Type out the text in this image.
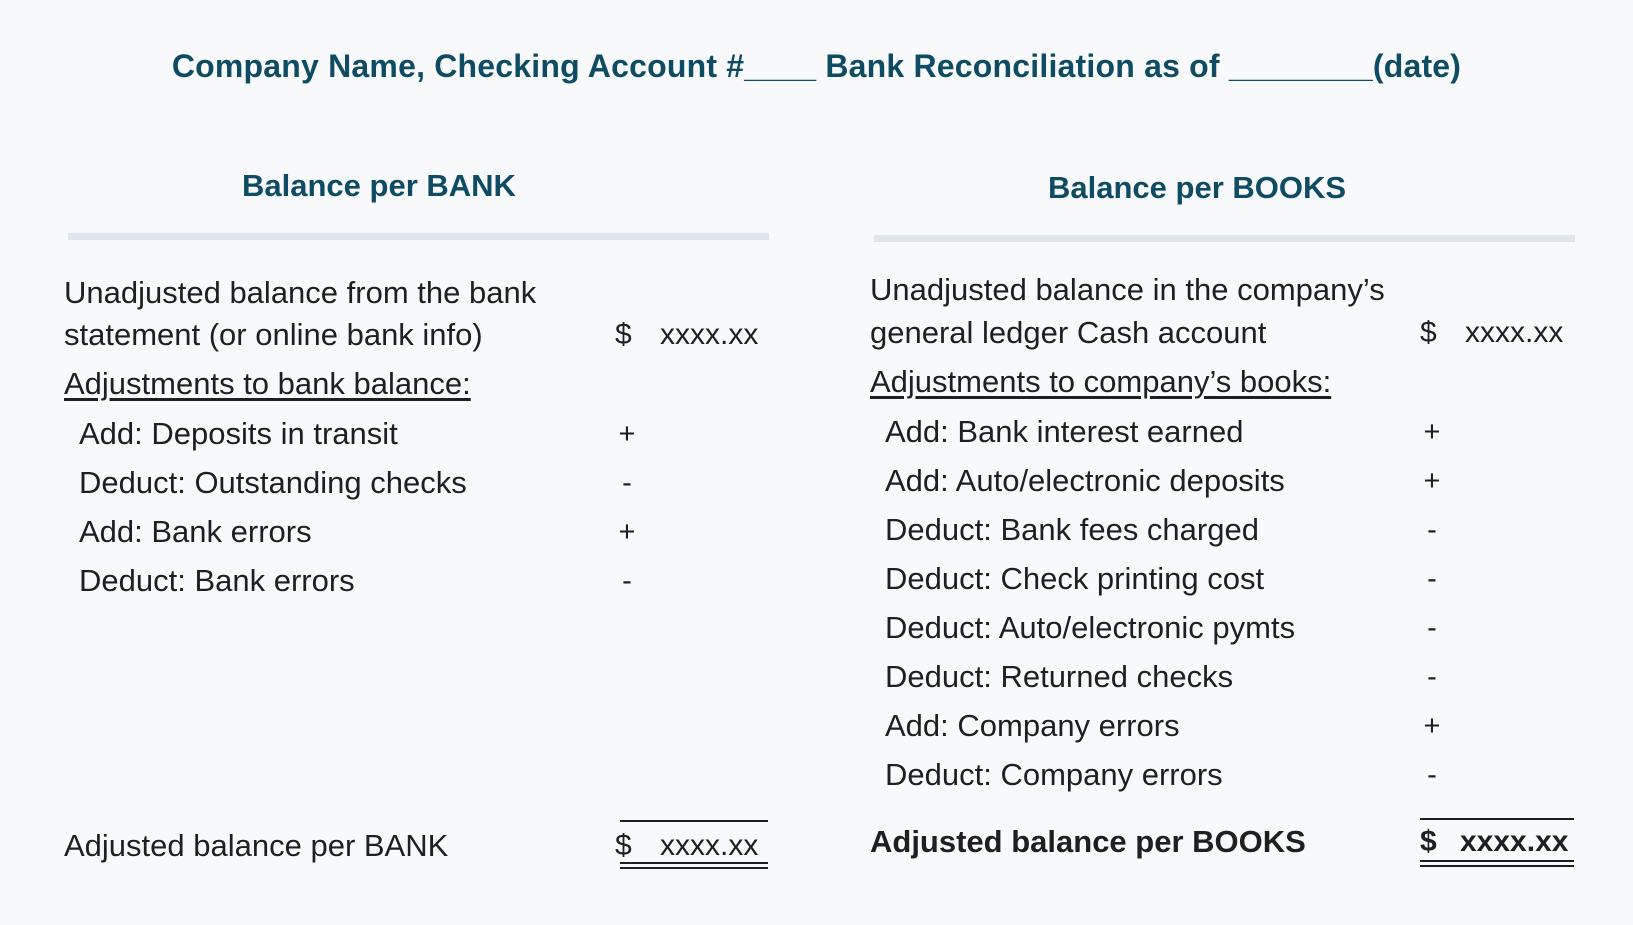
Company Name, Checking Account #____ Bank Reconciliation as of ________(date)
Balance per BANK
Unadjusted balance from the bank
statement (or online bank info)	$ xxxx.xx
Adjustments to bank balance:
Add: Deposits in transit	+
Deduct: Outstanding checks	-
Add: Bank errors	+
Deduct: Bank errors	-
Adjusted balance per BANK	$ xxxx.xx
Balance per BOOKS
Unadjusted balance in the company’s
general ledger Cash account	$ xxxx.xx
Adjustments to company’s books:
Add: Bank interest earned	+
Add: Auto/electronic deposits	+
Deduct: Bank fees charged	-
Deduct: Check printing cost	-
Deduct: Auto/electronic pymts	-
Deduct: Returned checks	-
Add: Company errors	+
Deduct: Company errors	-
Adjusted balance per BOOKS	$ xxxx.xx
